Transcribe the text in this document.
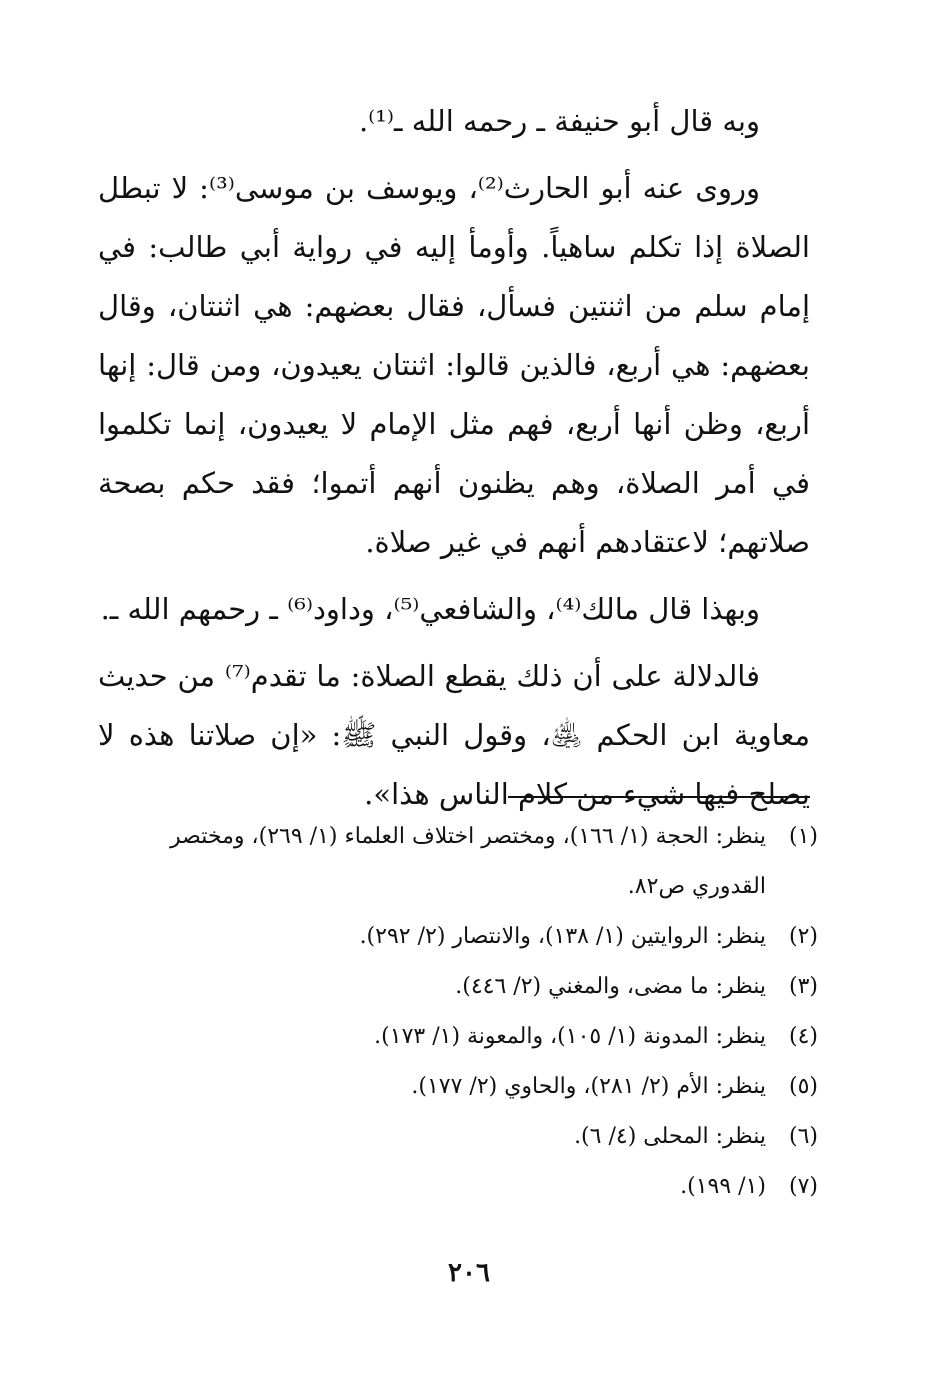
وبه قال أبو حنيفة ـ رحمه الله ـ⁽¹⁾.

وروى عنه أبو الحارث⁽²⁾، ويوسف بن موسى⁽³⁾: لا تبطل الصلاة إذا تكلم ساهياً. وأومأ إليه في رواية أبي طالب: في إمام سلم من اثنتين فسأل، فقال بعضهم: هي اثنتان، وقال بعضهم: هي أربع، فالذين قالوا: اثنتان يعيدون، ومن قال: إنها أربع، وظن أنها أربع، فهم مثل الإمام لا يعيدون، إنما تكلموا في أمر الصلاة، وهم يظنون أنهم أتموا؛ فقد حكم بصحة صلاتهم؛ لاعتقادهم أنهم في غير صلاة.

وبهذا قال مالك⁽⁴⁾، والشافعي⁽⁵⁾، وداود⁽⁶⁾ ـ رحمهم الله ـ.

فالدلالة على أن ذلك يقطع الصلاة: ما تقدم⁽⁷⁾ من حديث معاوية ابن الحكم ﵁، وقول النبي ﷺ: «إن صلاتنا هذه لا يصلح فيها شيء من كلام الناس هذا».

(١)
ينظر: الحجة (١/ ١٦٦)، ومختصر اختلاف العلماء (١/ ٢٦٩)، ومختصر القدوري ص٨٢.
(٢)
ينظر: الروايتين (١/ ١٣٨)، والانتصار (٢/ ٢٩٢).
(٣)
ينظر: ما مضى، والمغني (٢/ ٤٤٦).
(٤)
ينظر: المدونة (١/ ١٠٥)، والمعونة (١/ ١٧٣).
(٥)
ينظر: الأم (٢/ ٢٨١)، والحاوي (٢/ ١٧٧).
(٦)
ينظر: المحلى (٤/ ٦).
(٧)
(١/ ١٩٩).
٢٠٦
